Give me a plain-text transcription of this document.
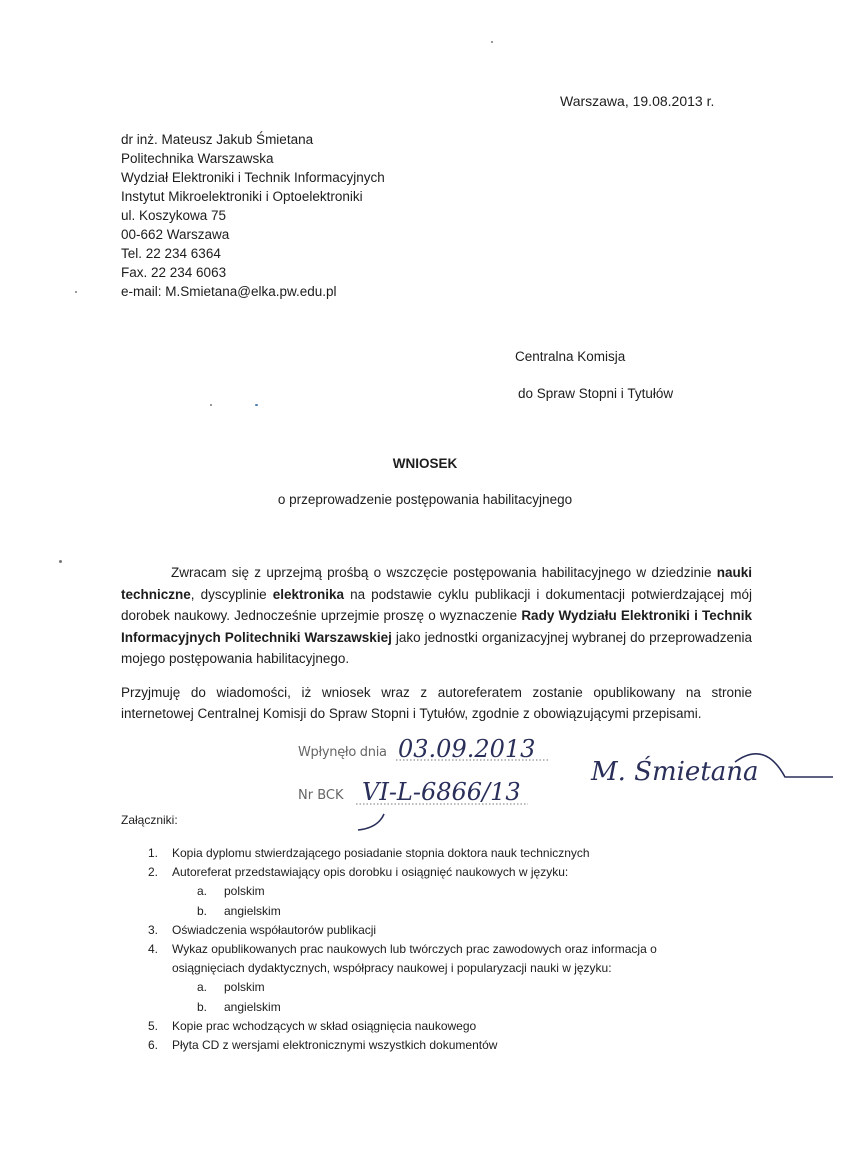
Warszawa, 19.08.2013 r.
dr inż. Mateusz Jakub Śmietana
Politechnika Warszawska
Wydział Elektroniki i Technik Informacyjnych
Instytut Mikroelektroniki i Optoelektroniki
ul. Koszykowa 75
00-662 Warszawa
Tel. 22 234 6364
Fax. 22 234 6063
e-mail: M.Smietana@elka.pw.edu.pl
Centralna Komisja
do Spraw Stopni i Tytułów
WNIOSEK
o przeprowadzenie postępowania habilitacyjnego

Zwracam się z uprzejmą prośbą o wszczęcie postępowania habilitacyjnego w dziedzinie nauki techniczne, dyscyplinie elektronika na podstawie cyklu publikacji i dokumentacji potwierdzającej mój dorobek naukowy. Jednocześnie uprzejmie proszę o wyznaczenie Rady Wydziału Elektroniki i Technik Informacyjnych Politechniki Warszawskiej jako jednostki organizacyjnej wybranej do przeprowadzenia mojego postępowania habilitacyjnego.

Przyjmuję do wiadomości, iż wniosek wraz z autoreferatem zostanie opublikowany na stronie internetowej Centralnej Komisji do Spraw Stopni i Tytułów, zgodnie z obowiązującymi przepisami.

Wpłynęło dnia
Nr BCK
03.09.2013
VI-L-6866/13
M. Śmietana
Załączniki:
1. Kopia dyplomu stwierdzającego posiadanie stopnia doktora nauk technicznych
2. Autoreferat przedstawiający opis dorobku i osiągnięć naukowych w języku:
a. polskim
b. angielskim
3. Oświadczenia współautorów publikacji
4. Wykaz opublikowanych prac naukowych lub twórczych prac zawodowych oraz informacja o
osiągnięciach dydaktycznych, współpracy naukowej i popularyzacji nauki w języku:
a. polskim
b. angielskim
5. Kopie prac wchodzących w skład osiągnięcia naukowego
6. Płyta CD z wersjami elektronicznymi wszystkich dokumentów
